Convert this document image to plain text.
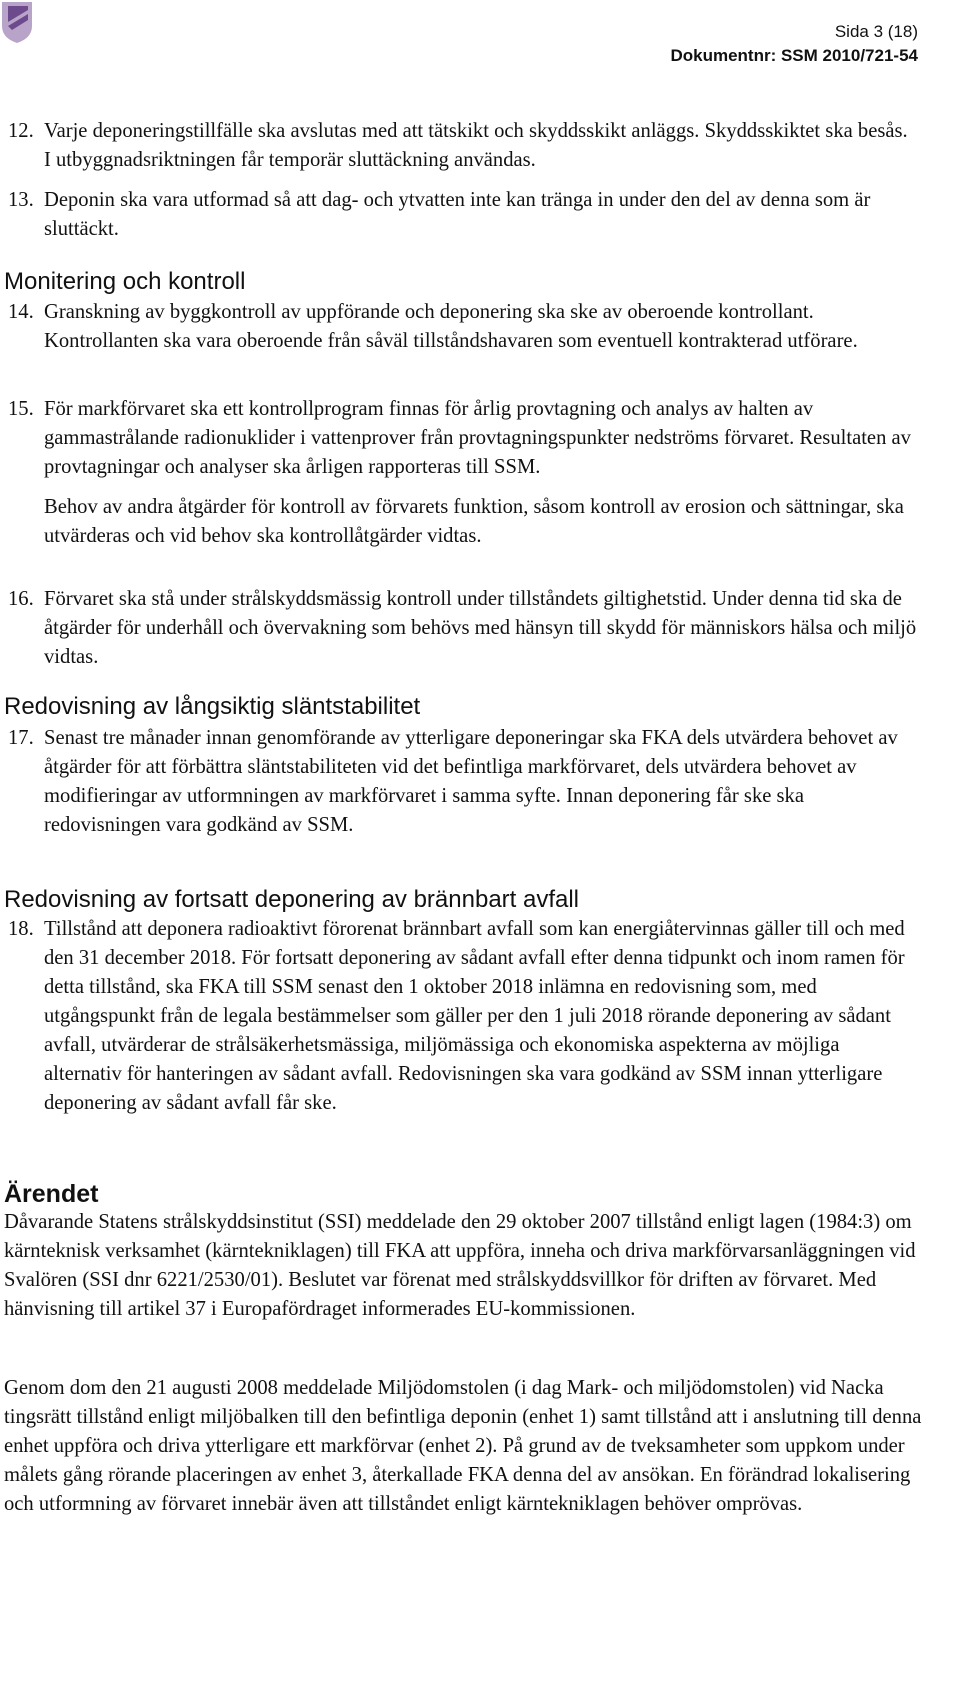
Sida 3 (18)
Dokumentnr: SSM 2010/721-54
12. Varje deponeringstillfälle ska avslutas med att tätskikt och skyddsskikt anläggs. Skyddsskiktet ska besås. I utbyggnadsriktningen får temporär sluttäckning användas.

13. Deponin ska vara utformad så att dag- och ytvatten inte kan tränga in under den del av denna som är sluttäckt.

Monitering och kontroll
14. Granskning av byggkontroll av uppförande och deponering ska ske av oberoende kontrollant. Kontrollanten ska vara oberoende från såväl tillståndshavaren som eventuell kontrakterad utförare.

15. För markförvaret ska ett kontrollprogram finnas för årlig provtagning och analys av halten av gammastrålande radionuklider i vattenprover från provtagningspunkter nedströms förvaret. Resultaten av provtagningar och analyser ska årligen rapporteras till SSM.

Behov av andra åtgärder för kontroll av förvarets funktion, såsom kontroll av erosion och sättningar, ska utvärderas och vid behov ska kontrollåtgärder vidtas.

16. Förvaret ska stå under strålskyddsmässig kontroll under tillståndets giltighetstid. Under denna tid ska de åtgärder för underhåll och övervakning som behövs med hänsyn till skydd för människors hälsa och miljö vidtas.

Redovisning av långsiktig släntstabilitet
17. Senast tre månader innan genomförande av ytterligare deponeringar ska FKA dels utvärdera behovet av åtgärder för att förbättra släntstabiliteten vid det befintliga markförvaret, dels utvärdera behovet av modifieringar av utformningen av markförvaret i samma syfte. Innan deponering får ske ska redovisningen vara godkänd av SSM.

Redovisning av fortsatt deponering av brännbart avfall
18. Tillstånd att deponera radioaktivt förorenat brännbart avfall som kan energiåtervinnas gäller till och med den 31 december 2018. För fortsatt deponering av sådant avfall efter denna tidpunkt och inom ramen för detta tillstånd, ska FKA till SSM senast den 1 oktober 2018 inlämna en redovisning som, med utgångspunkt från de legala bestämmelser som gäller per den 1 juli 2018 rörande deponering av sådant avfall, utvärderar de strålsäkerhetsmässiga, miljömässiga och ekonomiska aspekterna av möjliga alternativ för hanteringen av sådant avfall. Redovisningen ska vara godkänd av SSM innan ytterligare deponering av sådant avfall får ske.

Ärendet

Dåvarande Statens strålskyddsinstitut (SSI) meddelade den 29 oktober 2007 tillstånd enligt lagen (1984:3) om kärnteknisk verksamhet (kärntekniklagen) till FKA att uppföra, inneha och driva markförvarsanläggningen vid Svalören (SSI dnr 6221/2530/01). Beslutet var förenat med strålskyddsvillkor för driften av förvaret. Med hänvisning till artikel 37 i Europafördraget informerades EU-kommissionen.

Genom dom den 21 augusti 2008 meddelade Miljödomstolen (i dag Mark- och miljödomstolen) vid Nacka tingsrätt tillstånd enligt miljöbalken till den befintliga deponin (enhet 1) samt tillstånd att i anslutning till denna enhet uppföra och driva ytterligare ett markförvar (enhet 2). På grund av de tveksamheter som uppkom under målets gång rörande placeringen av enhet 3, återkallade FKA denna del av ansökan. En förändrad lokalisering och utformning av förvaret innebär även att tillståndet enligt kärntekniklagen behöver omprövas.
